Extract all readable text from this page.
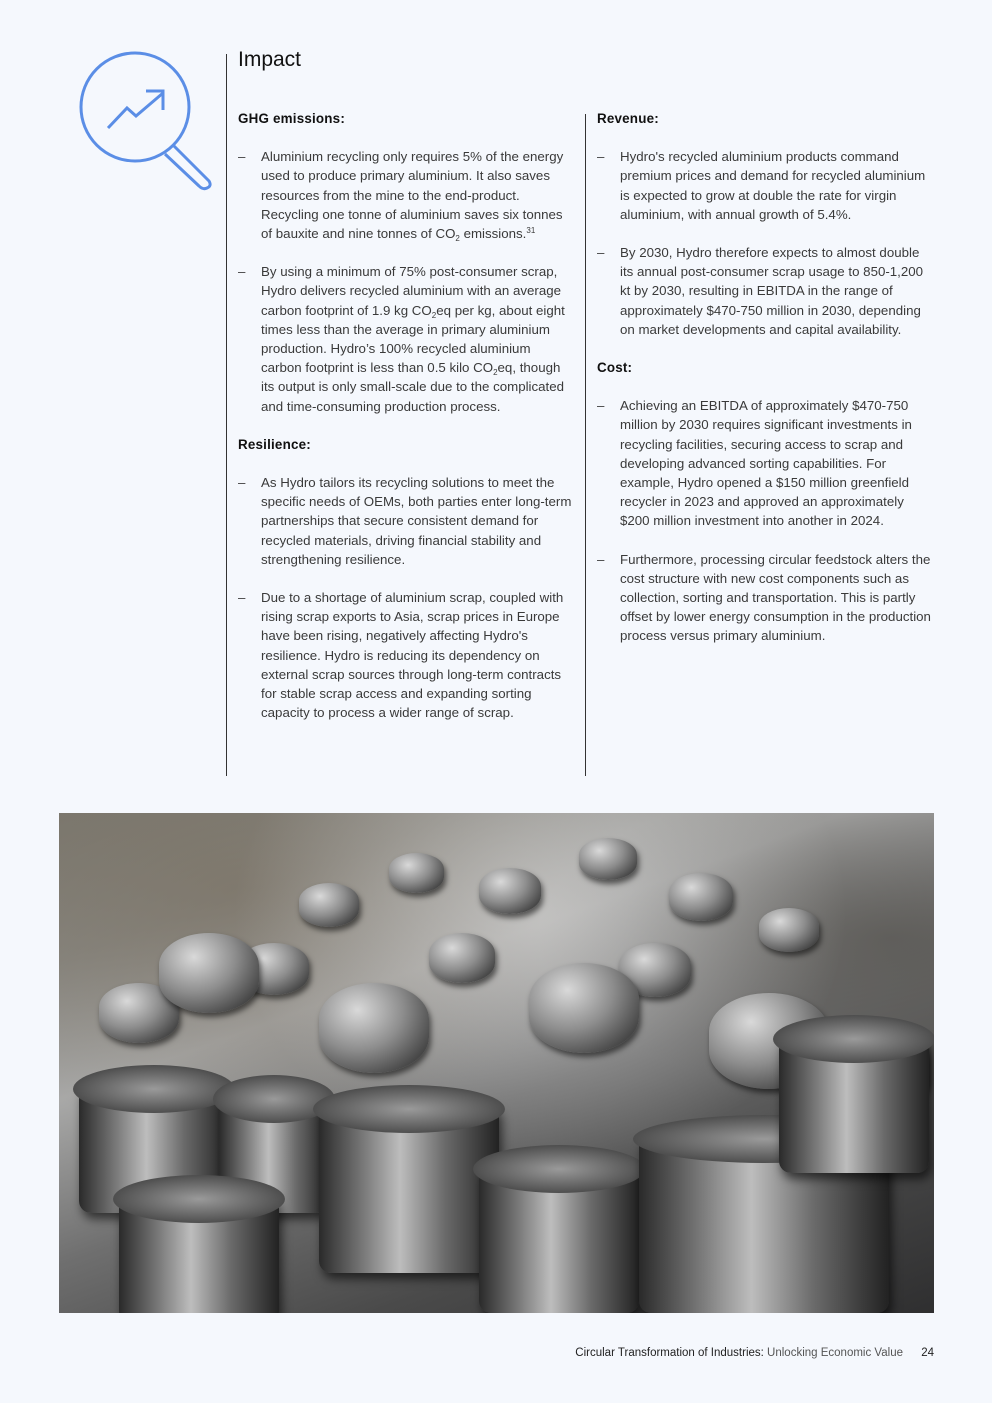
Impact
GHG emissions:
– Aluminium recycling only requires 5% of the energy used to produce primary aluminium. It also saves resources from the mine to the end-product. Recycling one tonne of aluminium saves six tonnes of bauxite and nine tonnes of $CO_2$ emissions.$^{31}$
– By using a minimum of 75% post-consumer scrap, Hydro delivers recycled aluminium with an average carbon footprint of 1.9 kg $CO_2eq$ per kg, about eight times less than the average in primary aluminium production. Hydro’s 100% recycled aluminium carbon footprint is less than 0.5 kilo $CO_2eq$, though its output is only small-scale due to the complicated and time-consuming production process.
Resilience:
– As Hydro tailors its recycling solutions to meet the specific needs of OEMs, both parties enter long-term partnerships that secure consistent demand for recycled materials, driving financial stability and strengthening resilience.
– Due to a shortage of aluminium scrap, coupled with rising scrap exports to Asia, scrap prices in Europe have been rising, negatively affecting Hydro's resilience. Hydro is reducing its dependency on external scrap sources through long-term contracts for stable scrap access and expanding sorting capacity to process a wider range of scrap.
Revenue:
– Hydro's recycled aluminium products command premium prices and demand for recycled aluminium is expected to grow at double the rate for virgin aluminium, with annual growth of 5.4%.
– By 2030, Hydro therefore expects to almost double its annual post-consumer scrap usage to 850-1,200 kt by 2030, resulting in EBITDA in the range of approximately $470-750 million in 2030, depending on market developments and capital availability.
Cost:
– Achieving an EBITDA of approximately $470-750 million by 2030 requires significant investments in recycling facilities, securing access to scrap and developing advanced sorting capabilities. For example, Hydro opened a $150 million greenfield recycler in 2023 and approved an approximately $200 million investment into another in 2024.
– Furthermore, processing circular feedstock alters the cost structure with new cost components such as collection, sorting and transportation. This is partly offset by lower energy consumption in the production process versus primary aluminium.
Circular Transformation of Industries: Unlocking Economic Value 24
